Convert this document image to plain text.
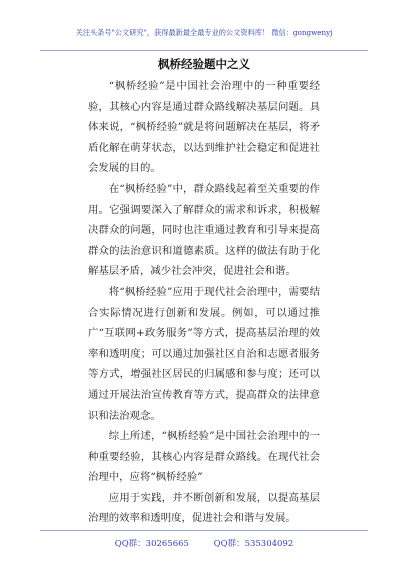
关注头条号"公文研究"，获得最新最全最专业的公文资料库！ 微信：gongwenyj
枫桥经验题中之义

“枫桥经验”是中国社会治理中的一种重要经验，其核心内容是通过群众路线解决基层问题。具体来说，“枫桥经验”就是将问题解决在基层，将矛盾化解在萌芽状态，以达到维护社会稳定和促进社会发展的目的。

在“枫桥经验”中，群众路线起着至关重要的作用。它强调要深入了解群众的需求和诉求，积极解决群众的问题，同时也注重通过教育和引导来提高群众的法治意识和道德素质。这样的做法有助于化解基层矛盾，减少社会冲突，促进社会和谐。

将“枫桥经验”应用于现代社会治理中，需要结合实际情况进行创新和发展。例如，可以通过推广“互联网+政务服务”等方式，提高基层治理的效率和透明度；可以通过加强社区自治和志愿者服务等方式，增强社区居民的归属感和参与度；还可以通过开展法治宣传教育等方式，提高群众的法律意识和法治观念。

综上所述，“枫桥经验”是中国社会治理中的一种重要经验，其核心内容是群众路线。在现代社会治理中，应将“枫桥经验”

应用于实践，并不断创新和发展，以提高基层治理的效率和透明度，促进社会和谐与发展。

QQ群：30265665 QQ群：535304092
